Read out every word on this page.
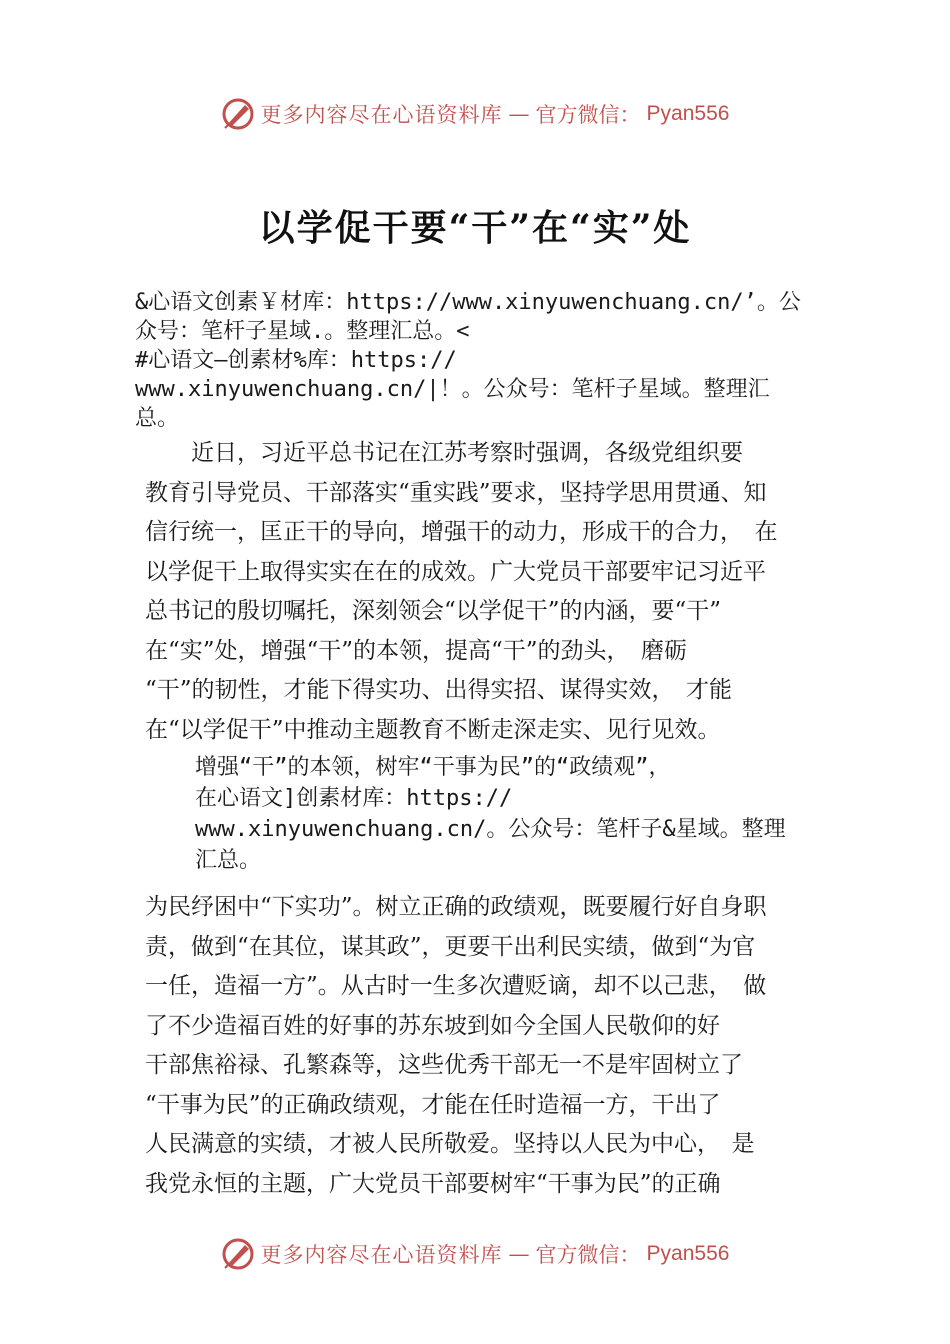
更多内容尽在心语资料库 — 官方微信： Pyan556
以学促干要“干”在“实”处

&心语文创素￥材库：https://www.xinyuwenchuang.cn/’。公

众号：笔杆子星域.。整理汇总。<

#心语文—创素材%库：https://

www.xinyuwenchuang.cn/|！。公众号：笔杆子星域。整理汇

总。

　　近日，习近平总书记在江苏考察时强调，各级党组织要

教育引导党员、干部落实“重实践”要求，坚持学思用贯通、知

信行统一，匡正干的导向，增强干的动力，形成干的合力，　在

以学促干上取得实实在在的成效。广大党员干部要牢记习近平

总书记的殷切嘱托，深刻领会“以学促干”的内涵，要“干”

在“实”处，增强“干”的本领，提高“干”的劲头，　磨砺

“干”的韧性，才能下得实功、出得实招、谋得实效，　才能

在“以学促干”中推动主题教育不断走深走实、见行见效。

增强“干”的本领，树牢“干事为民”的“政绩观”，

在心语文]创素材库：https://

www.xinyuwenchuang.cn/。公众号：笔杆子&星域。整理

汇总。

为民纾困中“下实功”。树立正确的政绩观，既要履行好自身职

责，做到“在其位，谋其政”，更要干出利民实绩，做到“为官

一任，造福一方”。从古时一生多次遭贬谪，却不以己悲，　做

了不少造福百姓的好事的苏东坡到如今全国人民敬仰的好

干部焦裕禄、孔繁森等，这些优秀干部无一不是牢固树立了

“干事为民”的正确政绩观，才能在任时造福一方，干出了

人民满意的实绩，才被人民所敬爱。坚持以人民为中心，　是

我党永恒的主题，广大党员干部要树牢“干事为民”的正确

更多内容尽在心语资料库 — 官方微信： Pyan556
